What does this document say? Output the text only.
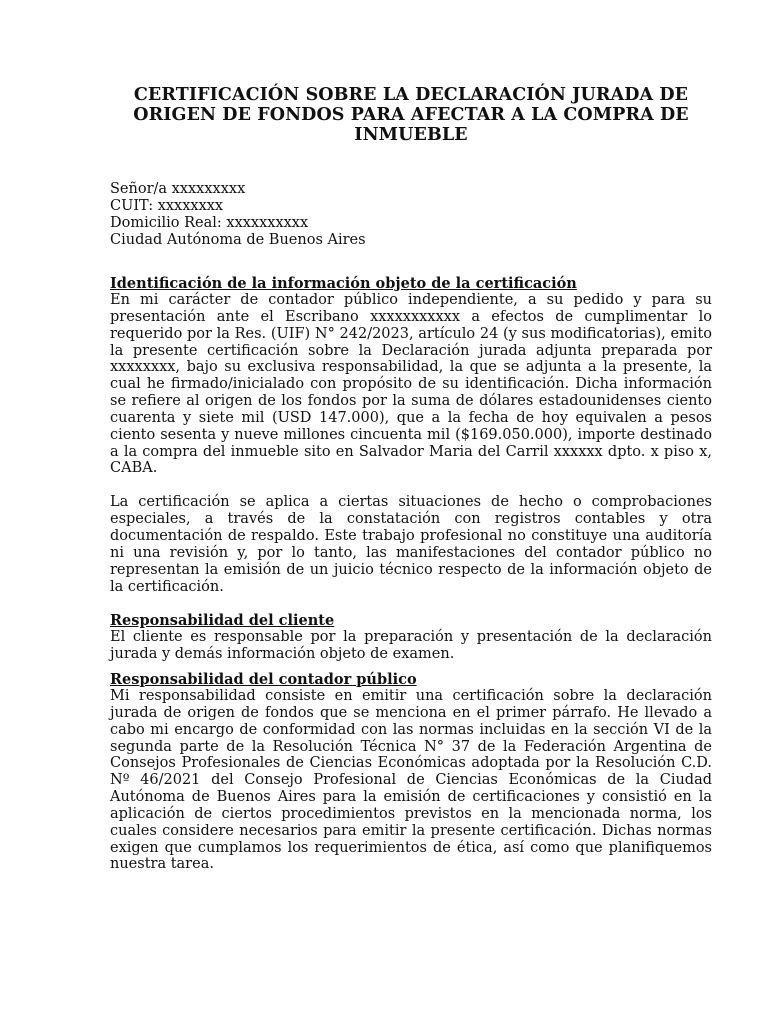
CERTIFICACIÓN SOBRE LA DECLARACIÓN JURADA DE ORIGEN DE FONDOS PARA AFECTAR A LA COMPRA DE INMUEBLE
Señor/a xxxxxxxxx
CUIT: xxxxxxxx
Domicilio Real: xxxxxxxxxx
Ciudad Autónoma de Buenos Aires
Identificación de la información objeto de la certificación

En mi carácter de contador público independiente, a su pedido y para su presentación ante el Escribano xxxxxxxxxxx a efectos de cumplimentar lo requerido por la Res. (UIF) N° 242/2023, artículo 24 (y sus modificatorias), emito la presente certificación sobre la Declaración jurada adjunta preparada por xxxxxxxx, bajo su exclusiva responsabilidad, la que se adjunta a la presente, la cual he firmado/inicialado con propósito de su identificación. Dicha información se refiere al origen de los fondos por la suma de dólares estadounidenses ciento cuarenta y siete mil (USD 147.000), que a la fecha de hoy equivalen a pesos ciento sesenta y nueve millones cincuenta mil ($169.050.000), importe destinado a la compra del inmueble sito en Salvador Maria del Carril xxxxxx dpto. x piso x, CABA.

La certificación se aplica a ciertas situaciones de hecho o comprobaciones especiales, a través de la constatación con registros contables y otra documentación de respaldo. Este trabajo profesional no constituye una auditoría ni una revisión y, por lo tanto, las manifestaciones del contador público no representan la emisión de un juicio técnico respecto de la información objeto de la certificación.

Responsabilidad del cliente

El cliente es responsable por la preparación y presentación de la declaración jurada y demás información objeto de examen.

Responsabilidad del contador público

Mi responsabilidad consiste en emitir una certificación sobre la declaración jurada de origen de fondos que se menciona en el primer párrafo. He llevado a cabo mi encargo de conformidad con las normas incluidas en la sección VI de la segunda parte de la Resolución Técnica N° 37 de la Federación Argentina de Consejos Profesionales de Ciencias Económicas adoptada por la Resolución C.D. Nº 46/2021 del Consejo Profesional de Ciencias Económicas de la Ciudad Autónoma de Buenos Aires para la emisión de certificaciones y consistió en la aplicación de ciertos procedimientos previstos en la mencionada norma, los cuales considere necesarios para emitir la presente certificación. Dichas normas exigen que cumplamos los requerimientos de ética, así como que planifiquemos nuestra tarea.
